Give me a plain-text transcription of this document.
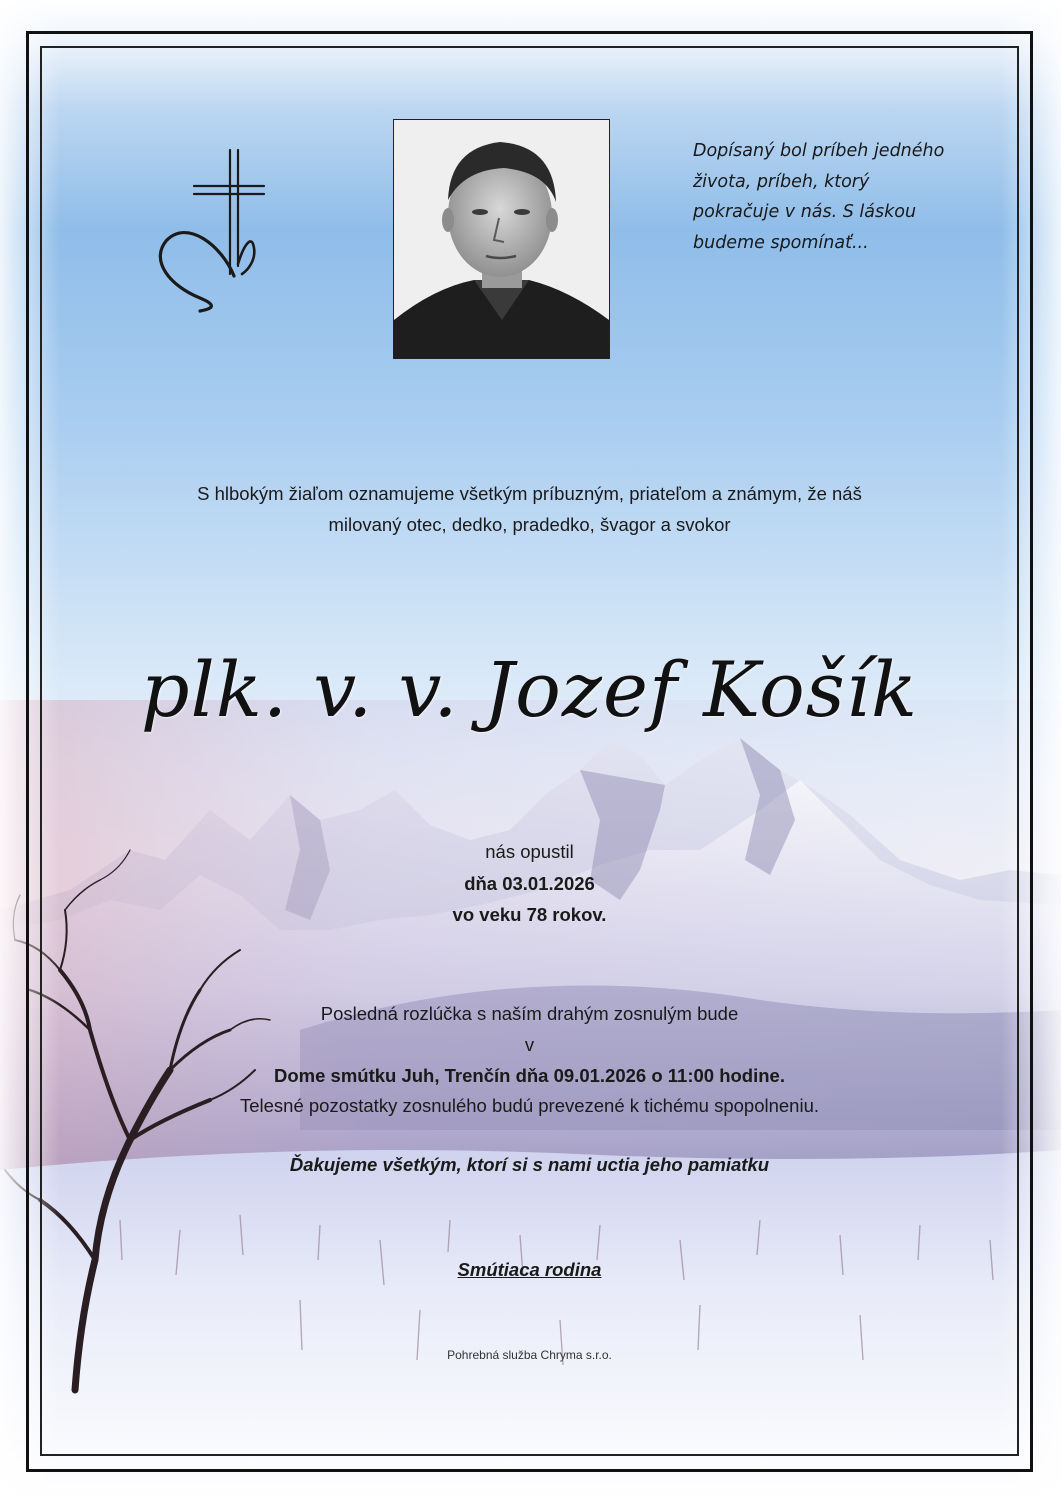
Dopísaný bol príbeh jedného
života, príbeh, ktorý
pokračuje v nás. S láskou
budeme spomínať...
S hlbokým žiaľom oznamujeme všetkým príbuzným, priateľom a známym, že náš
milovaný otec, dedko, pradedko, švagor a svokor
plk. v. v. Jozef Košík
nás opustil
dňa 03.01.2026
vo veku 78 rokov.
Posledná rozlúčka s naším drahým zosnulým bude
v
Dome smútku Juh, Trenčín dňa 09.01.2026 o 11:00 hodine.
Telesné pozostatky zosnulého budú prevezené k tichému spopolneniu.
Ďakujeme všetkým, ktorí si s nami uctia jeho pamiatku
Smútiaca rodina
Pohrebná služba Chryma s.r.o.
